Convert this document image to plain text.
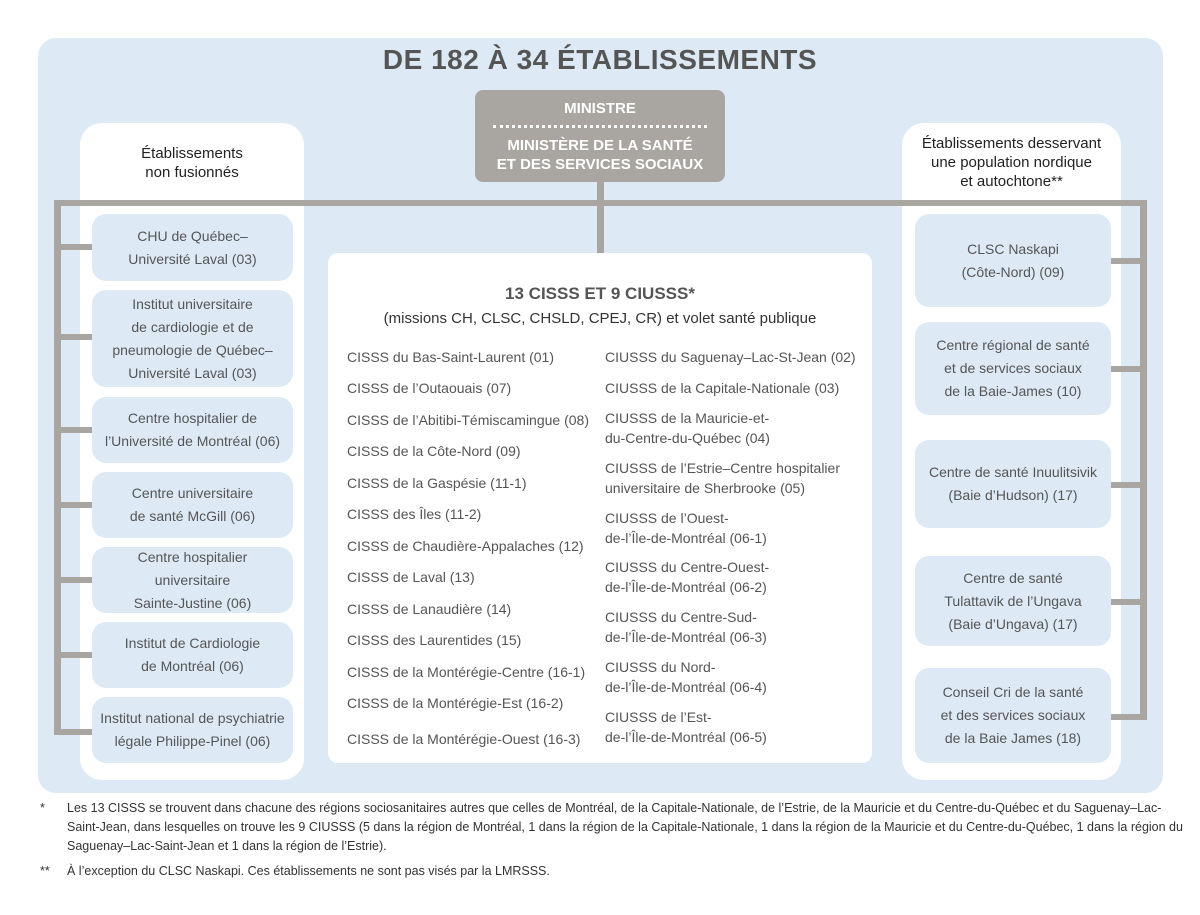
DE 182 À 34 ÉTABLISSEMENTS
MINISTRE
MINISTÈRE DE LA SANTÉ
ET DES SERVICES SOCIAUX
Établissements
non fusionnés
Établissements desservant
une population nordique
et autochtone**
CHU de Québec–
Université Laval (03)
Institut universitaire
de cardiologie et de
pneumologie de Québec–
Université Laval (03)
Centre hospitalier de
l’Université de Montréal (06)
Centre universitaire
de santé McGill (06)
Centre hospitalier universitaire
Sainte-Justine (06)
Institut de Cardiologie
de Montréal (06)
Institut national de psychiatrie
légale Philippe-Pinel (06)
CLSC Naskapi
(Côte-Nord) (09)
Centre régional de santé
et de services sociaux
de la Baie-James (10)
Centre de santé Inuulitsivik
(Baie d’Hudson) (17)
Centre de santé
Tulattavik de l’Ungava
(Baie d’Ungava) (17)
Conseil Cri de la santé
et des services sociaux
de la Baie James (18)
13 CISSS ET 9 CIUSSS*
(missions CH, CLSC, CHSLD, CPEJ, CR) et volet santé publique
CISSS du Bas-Saint-Laurent (01)
CISSS de l’Outaouais (07)
CISSS de l’Abitibi-Témiscamingue (08)
CISSS de la Côte-Nord (09)
CISSS de la Gaspésie (11-1)
CISSS des Îles (11-2)
CISSS de Chaudière-Appalaches (12)
CISSS de Laval (13)
CISSS de Lanaudière (14)
CISSS des Laurentides (15)
CISSS de la Montérégie-Centre (16-1)
CISSS de la Montérégie-Est (16-2)
CISSS de la Montérégie-Ouest (16-3)
CIUSSS du Saguenay–Lac-St-Jean (02)
CIUSSS de la Capitale-Nationale (03)
CIUSSS de la Mauricie-et-
du-Centre-du-Québec (04)
CIUSSS de l’Estrie–Centre hospitalier
universitaire de Sherbrooke (05)
CIUSSS de l’Ouest-
de-l’Île-de-Montréal (06-1)
CIUSSS du Centre-Ouest-
de-l’Île-de-Montréal (06-2)
CIUSSS du Centre-Sud-
de-l’Île-de-Montréal (06-3)
CIUSSS du Nord-
de-l’Île-de-Montréal (06-4)
CIUSSS de l’Est-
de-l’Île-de-Montréal (06-5)
* Les 13 CISSS se trouvent dans chacune des régions sociosanitaires autres que celles de Montréal, de la Capitale-Nationale, de l’Estrie, de la Mauricie et du Centre-du-Québec et du Saguenay–Lac-Saint-Jean, dans lesquelles on trouve les 9 CIUSSS (5 dans la région de Montréal, 1 dans la région de la Capitale-Nationale, 1 dans la région de la Mauricie et du Centre-du-Québec, 1 dans la région du Saguenay–Lac-Saint-Jean et 1 dans la région de l’Estrie).
** À l’exception du CLSC Naskapi. Ces établissements ne sont pas visés par la LMRSSS.
